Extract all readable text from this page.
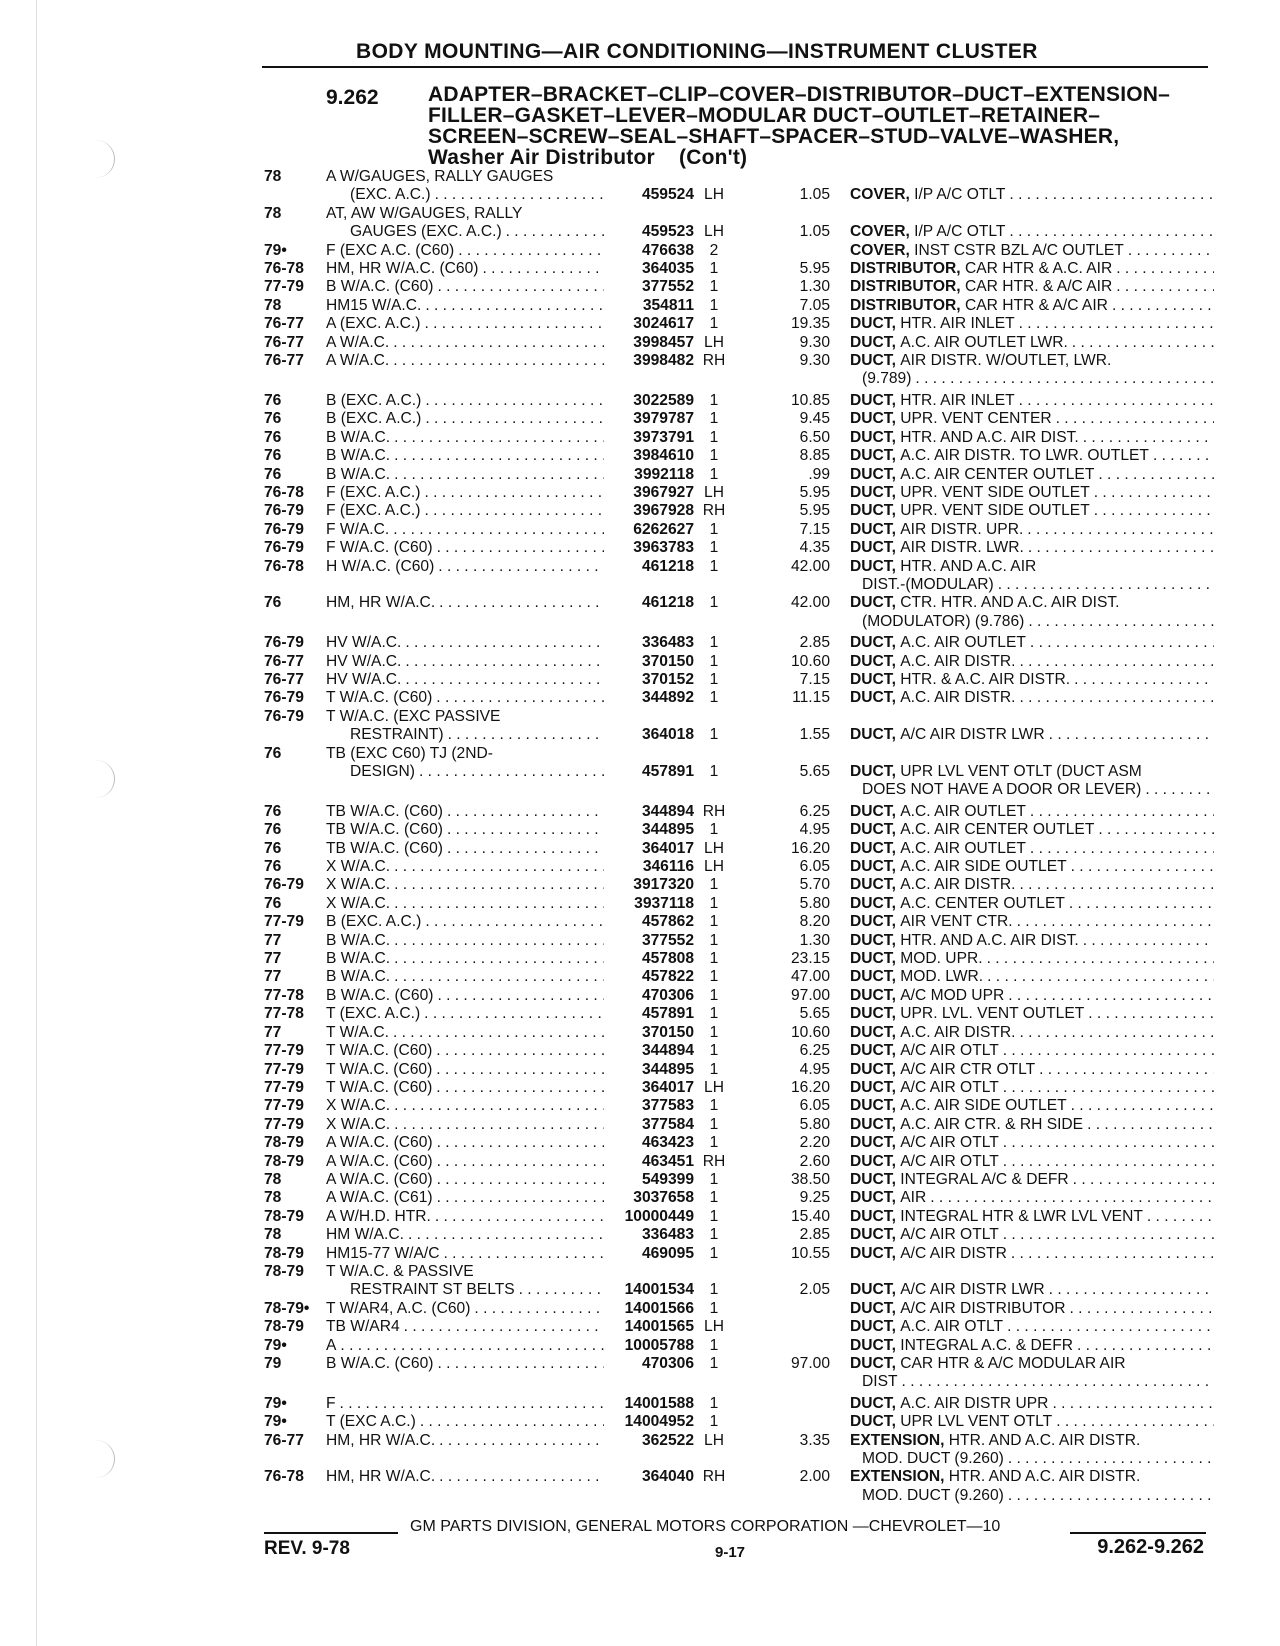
BODY MOUNTING—AIR CONDITIONING—INSTRUMENT CLUSTER
9.262 ADAPTER–BRACKET–CLIP–COVER–DISTRIBUTOR–DUCT–EXTENSION–
FILLER–GASKET–LEVER–MODULAR DUCT–OUTLET–RETAINER–
SCREEN–SCREW–SEAL–SHAFT–SPACER–STUD–VALVE–WASHER,
Washer Air Distributor    (Con't)
78	A W/GAUGES, RALLY GAUGES
(EXC. A.C.) . . .	459524 LH	1.05	COVER,
I/P A/C OTLT
. . .
78	AT, AW W/GAUGES, RALLY
GAUGES (EXC. A.C.) . . .	459523 LH	1.05	COVER,
I/P A/C OTLT
. . .
79•	F (EXC A.C. (C60) . . .	476638	2	COVER,
INST CSTR BZL A/C OUTLET
. . .
76-78	HM, HR W/A.C. (C60) . . .	364035	1	5.95	DISTRIBUTOR,
CAR HTR & A.C. AIR
. . .
77-79	B W/A.C. (C60) . . .	377552	1	1.30	DISTRIBUTOR,
CAR HTR. & A/C AIR
. . .
78	HM15 W/A.C. . . .	354811	1	7.05	DISTRIBUTOR,
CAR HTR & A/C AIR
. . .
76-77	A (EXC. A.C.) . . .	3024617	1	19.35	DUCT,
HTR. AIR INLET
. . .
76-77	A W/A.C. . . .	3998457 LH	9.30	DUCT,
A.C. AIR OUTLET LWR.
. . .
76-77	A W/A.C. . . .	3998482 RH	9.30	DUCT,
AIR DISTR. W/OUTLET, LWR.
(9.789)
. . .
76	B (EXC. A.C.) . . .	3022589	1	10.85	DUCT,
HTR. AIR INLET
. . .
76	B (EXC. A.C.) . . .	3979787	1	9.45	DUCT,
UPR. VENT CENTER
. . .
76	B W/A.C. . . .	3973791	1	6.50	DUCT,
HTR. AND A.C. AIR DIST.
. . .
76	B W/A.C. . . .	3984610	1	8.85	DUCT,
A.C. AIR DISTR. TO LWR. OUTLET
. . .
76	B W/A.C. . . .	3992118	1	.99	DUCT,
A.C. AIR CENTER OUTLET
. . .
76-78	F (EXC. A.C.) . . .	3967927 LH	5.95	DUCT,
UPR. VENT SIDE OUTLET
. . .
76-79	F (EXC. A.C.) . . .	3967928 RH	5.95	DUCT,
UPR. VENT SIDE OUTLET
. . .
76-79	F W/A.C. . . .	6262627	1	7.15	DUCT,
AIR DISTR. UPR.
. . .
76-79	F W/A.C. (C60) . . .	3963783	1	4.35	DUCT,
AIR DISTR. LWR.
. . .
76-78	H W/A.C. (C60) . . .	461218	1	42.00	DUCT,
HTR. AND A.C. AIR
DIST.-(MODULAR)
. . .
76	HM, HR W/A.C. . . .	461218	1	42.00	DUCT,
CTR. HTR. AND A.C. AIR DIST.
(MODULATOR) (9.786)
. . .
76-79	HV W/A.C. . . .	336483	1	2.85	DUCT,
A.C. AIR OUTLET
. . .
76-77	HV W/A.C. . . .	370150	1	10.60	DUCT,
A.C. AIR DISTR.
. . .
76-77	HV W/A.C. . . .	370152	1	7.15	DUCT,
HTR. & A.C. AIR DISTR.
. . .
76-79	T W/A.C. (C60) . . .	344892	1	11.15	DUCT,
A.C. AIR DISTR.
. . .
76-79	T W/A.C. (EXC PASSIVE
RESTRAINT) . . .	364018	1	1.55	DUCT,
A/C AIR DISTR LWR
. . .
76	TB (EXC C60) TJ (2ND-
DESIGN) . . .	457891	1	5.65	DUCT,
UPR LVL VENT OTLT (DUCT ASM
DOES NOT HAVE A DOOR OR LEVER)
. . .
76	TB W/A.C. (C60) . . .	344894 RH	6.25	DUCT,
A.C. AIR OUTLET
. . .
76	TB W/A.C. (C60) . . .	344895	1	4.95	DUCT,
A.C. AIR CENTER OUTLET
. . .
76	TB W/A.C. (C60) . . .	364017 LH	16.20	DUCT,
A.C. AIR OUTLET
. . .
76	X W/A.C. . . .	346116 LH	6.05	DUCT,
A.C. AIR SIDE OUTLET
. . .
76-79	X W/A.C. . . .	3917320	1	5.70	DUCT,
A.C. AIR DISTR.
. . .
76	X W/A.C. . . .	3937118	1	5.80	DUCT,
A.C. CENTER OUTLET
. . .
77-79	B (EXC. A.C.) . . .	457862	1	8.20	DUCT,
AIR VENT CTR.
. . .
77	B W/A.C. . . .	377552	1	1.30	DUCT,
HTR. AND A.C. AIR DIST.
. . .
77	B W/A.C. . . .	457808	1	23.15	DUCT,
MOD. UPR.
. . .
77	B W/A.C. . . .	457822	1	47.00	DUCT,
MOD. LWR.
. . .
77-78	B W/A.C. (C60) . . .	470306	1	97.00	DUCT,
A/C MOD UPR
. . .
77-78	T (EXC. A.C.) . . .	457891	1	5.65	DUCT,
UPR. LVL. VENT OUTLET
. . .
77	T W/A.C. . . .	370150	1	10.60	DUCT,
A.C. AIR DISTR.
. . .
77-79	T W/A.C. (C60) . . .	344894	1	6.25	DUCT,
A/C AIR OTLT
. . .
77-79	T W/A.C. (C60) . . .	344895	1	4.95	DUCT,
A/C AIR CTR OTLT
. . .
77-79	T W/A.C. (C60) . . .	364017 LH	16.20	DUCT,
A/C AIR OTLT
. . .
77-79	X W/A.C. . . .	377583	1	6.05	DUCT,
A.C. AIR SIDE OUTLET
. . .
77-79	X W/A.C. . . .	377584	1	5.80	DUCT,
A.C. AIR CTR. & RH SIDE
. . .
78-79	A W/A.C. (C60) . . .	463423	1	2.20	DUCT,
A/C AIR OTLT
. . .
78-79	A W/A.C. (C60) . . .	463451 RH	2.60	DUCT,
A/C AIR OTLT
. . .
78	A W/A.C. (C60) . . .	549399	1	38.50	DUCT,
INTEGRAL A/C & DEFR
. . .
78	A W/A.C. (C61) . . .	3037658	1	9.25	DUCT,
AIR
. . .
78-79	A W/H.D. HTR. . . .	10000449	1	15.40	DUCT,
INTEGRAL HTR & LWR LVL VENT
. . .
78	HM W/A.C. . . .	336483	1	2.85	DUCT,
A/C AIR OTLT
. . .
78-79	HM15-77 W/A/C . . .	469095	1	10.55	DUCT,
A/C AIR DISTR
. . .
78-79	T W/A.C. & PASSIVE
RESTRAINT ST BELTS . . .	14001534	1	2.05	DUCT,
A/C AIR DISTR LWR
. . .
78-79•	T W/AR4, A.C. (C60) . . .	14001566	1	DUCT,
A/C AIR DISTRIBUTOR
. . .
78-79	TB W/AR4 . . .	14001565 LH	DUCT,
A.C. AIR OTLT
. . .
79•	A . . .	10005788	1	DUCT,
INTEGRAL A.C. & DEFR
. . .
79	B W/A.C. (C60) . . .	470306	1	97.00	DUCT,
CAR HTR & A/C MODULAR AIR
DIST
. . .
79•	F . . .	14001588	1	DUCT,
A.C. AIR DISTR UPR
. . .
79•	T (EXC A.C.) . . .	14004952	1	DUCT,
UPR LVL VENT OTLT
. . .
76-77	HM, HR W/A.C. . . .	362522 LH	3.35	EXTENSION,
HTR. AND A.C. AIR DISTR.
MOD. DUCT (9.260)
. . .
76-78	HM, HR W/A.C. . . .	364040 RH	2.00	EXTENSION,
HTR. AND A.C. AIR DISTR.
MOD. DUCT (9.260)
. . .
GM PARTS DIVISION, GENERAL MOTORS CORPORATION —CHEVROLET—10
REV. 9-78	9-17	9.262-9.262
